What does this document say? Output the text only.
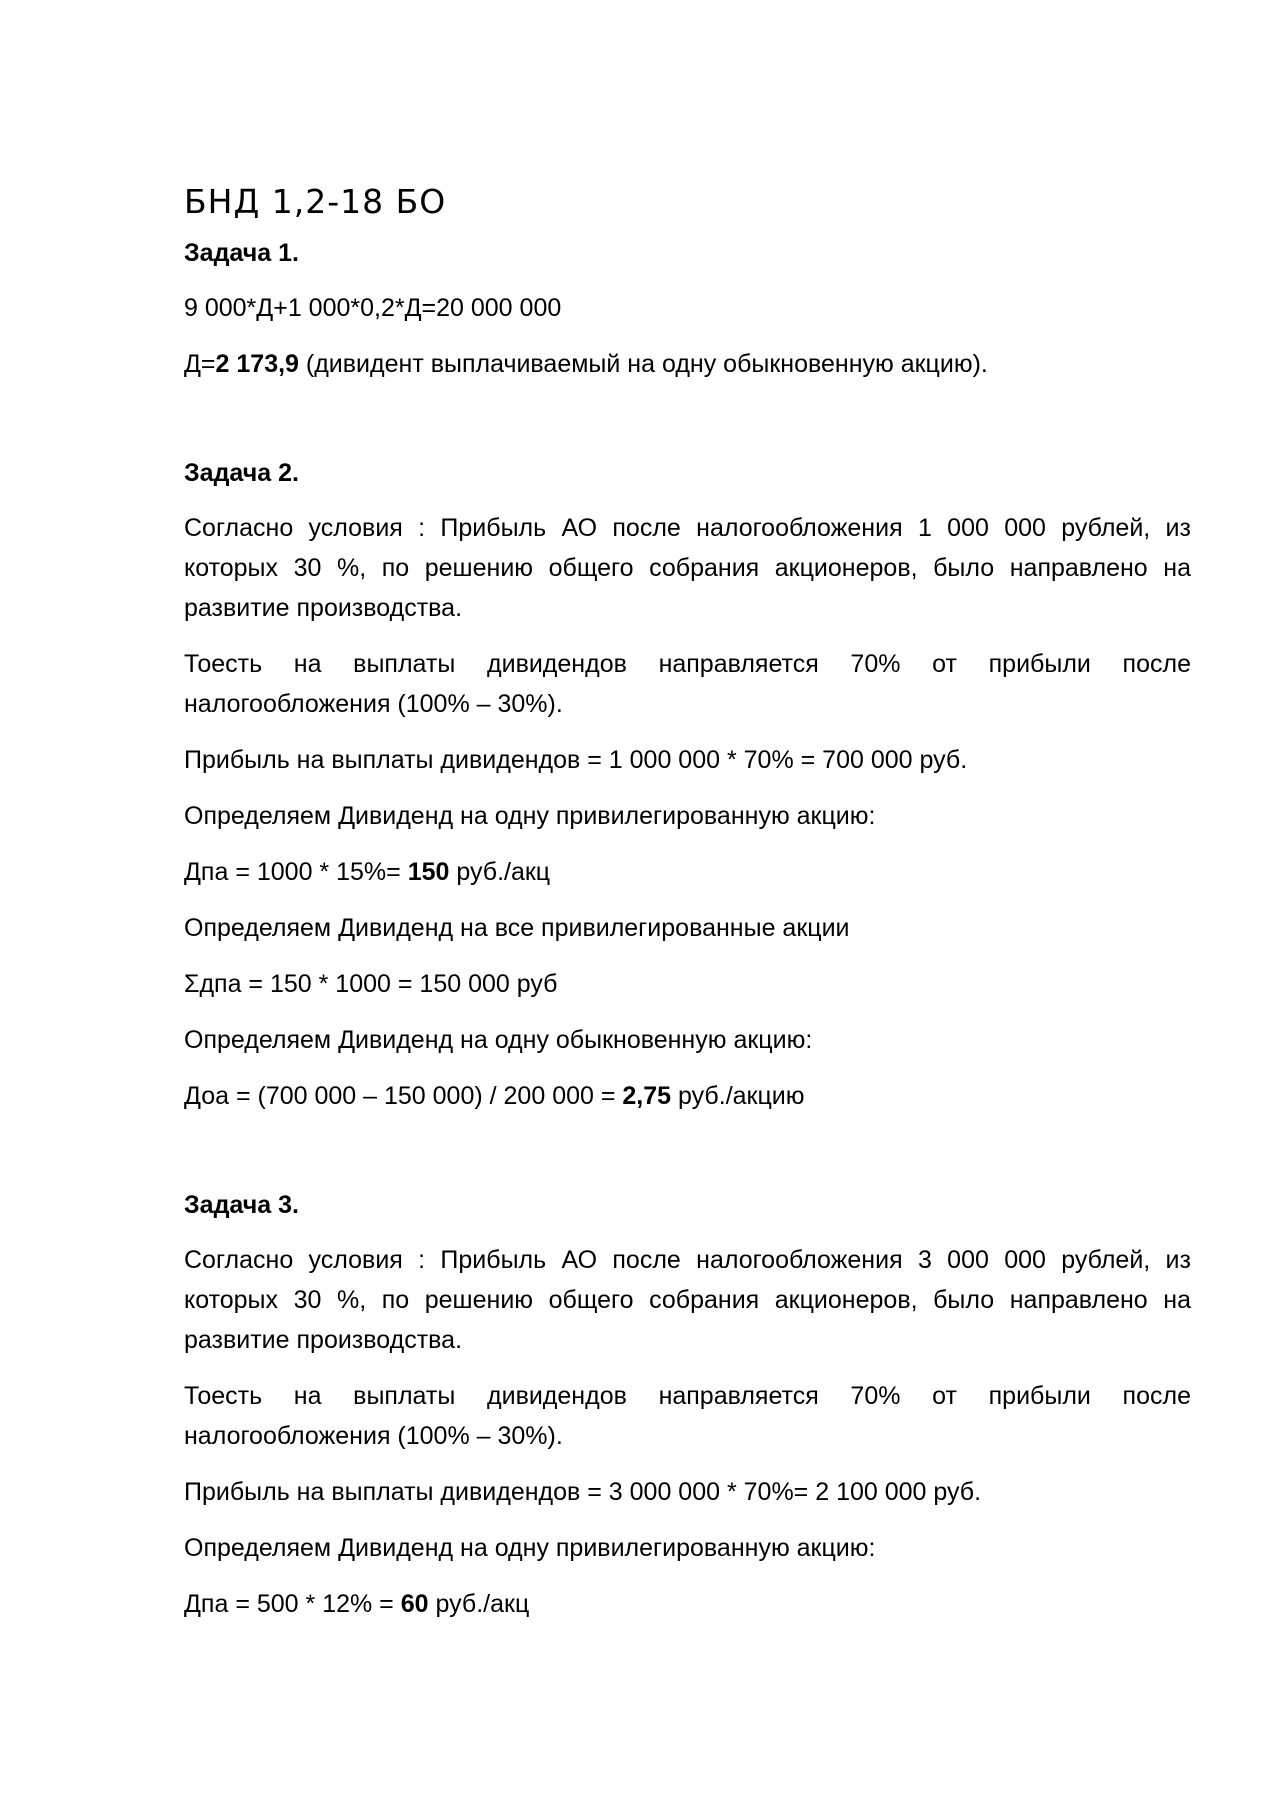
БНД 1,2-18 БО
Задача 1.

9 000*Д+1 000*0,2*Д=20 000 000

Д=2 173,9 (дивидент выплачиваемый на одну обыкновенную акцию).

Задача 2.

Согласно условия : Прибыль АО после налогообложения 1 000 000 рублей, из которых 30 %, по решению общего собрания акционеров, было направлено на развитие производства.

Тоесть на выплаты дивидендов направляется 70% от прибыли после налогообложения (100% – 30%).

Прибыль на выплаты дивидендов = 1 000 000 * 70% = 700 000 руб.

Определяем Дивиденд на одну привилегированную акцию:

Дпа = 1000 * 15%= 150 руб./акц

Определяем Дивиденд на все привилегированные акции

Σдпа = 150 * 1000 = 150 000 руб

Определяем Дивиденд на одну обыкновенную акцию:

Доа = (700 000 – 150 000) / 200 000 = 2,75 руб./акцию

Задача 3.

Согласно условия : Прибыль АО после налогообложения 3 000 000 рублей, из которых 30 %, по решению общего собрания акционеров, было направлено на развитие производства.

Тоесть на выплаты дивидендов направляется 70% от прибыли после налогообложения (100% – 30%).

Прибыль на выплаты дивидендов = 3 000 000 * 70%= 2 100 000 руб.

Определяем Дивиденд на одну привилегированную акцию:

Дпа = 500 * 12% = 60 руб./акц
